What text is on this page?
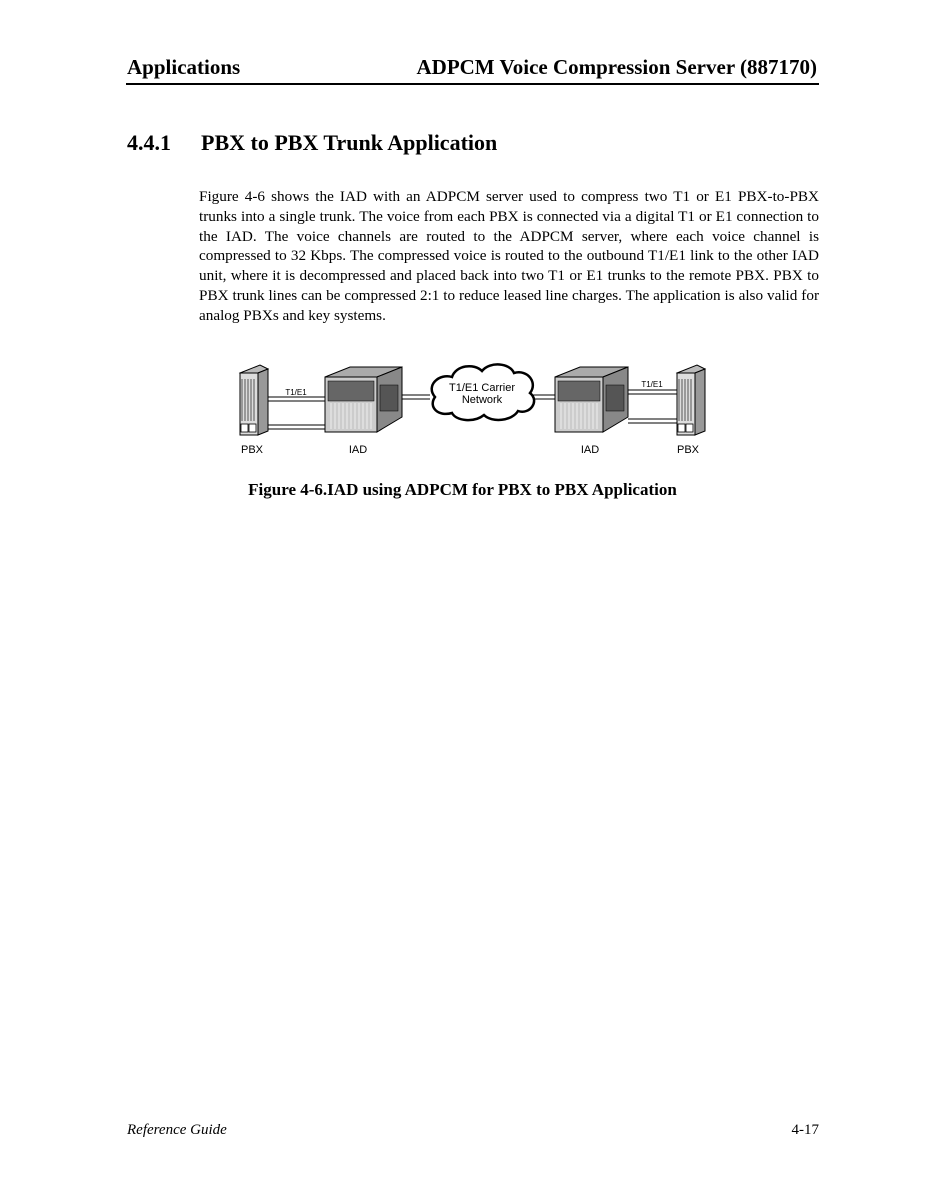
Applications	ADPCM Voice Compression Server (887170)
4.4.1 PBX to PBX Trunk Application

Figure 4-6 shows the IAD with an ADPCM server used to compress two T1 or E1 PBX-to-PBX trunks into a single trunk. The voice from each PBX is connected via a digital T1 or E1 connection to the IAD. The voice channels are routed to the ADPCM server, where each voice channel is compressed to 32 Kbps. The compressed voice is routed to the outbound T1/E1 link to the other IAD unit, where it is decompressed and placed back into two T1 or E1 trunks to the remote PBX. PBX to PBX trunk lines can be compressed 2:1 to reduce leased line charges. The application is also valid for analog PBXs and key systems.

T1/E1 Carrier
Network
T1/E1
T1/E1
PBX	IAD	IAD	PBX
Figure 4-6.IAD using ADPCM for PBX to PBX Application
Reference Guide	4-17
